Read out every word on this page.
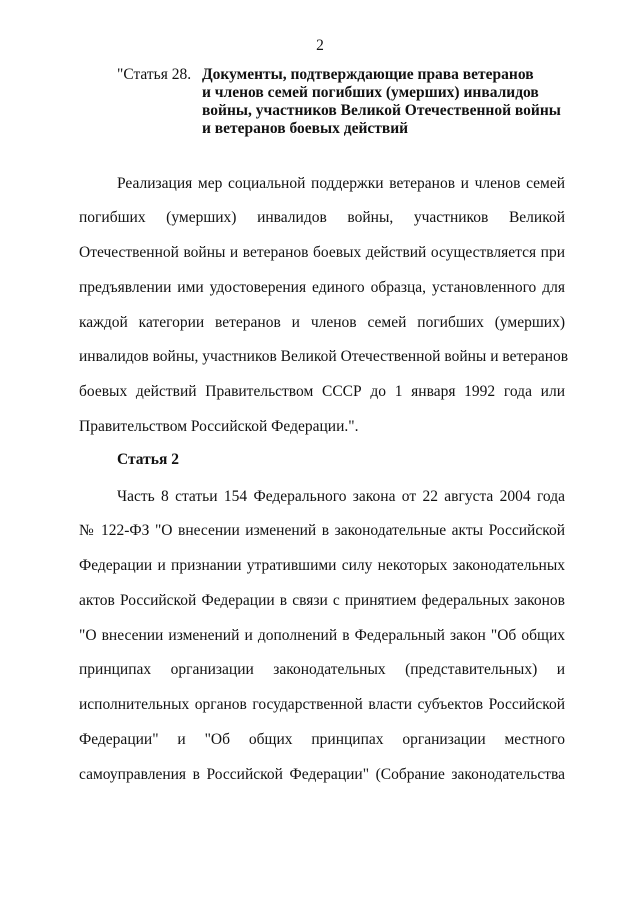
2
"Статья 28. Документы, подтверждающие права ветеранов
и членов семей погибших (умерших) инвалидов
войны, участников Великой Отечественной войны
и ветеранов боевых действий
Реализация мер социальной поддержки ветеранов и членов семей
погибших (умерших) инвалидов войны, участников Великой
Отечественной войны и ветеранов боевых действий осуществляется при
предъявлении ими удостоверения единого образца, установленного для
каждой категории ветеранов и членов семей погибших (умерших)
инвалидов войны, участников Великой Отечественной войны и ветеранов
боевых действий Правительством СССР до 1 января 1992 года или
Правительством Российской Федерации.".
Статья 2
Часть 8 статьи 154 Федерального закона от 22 августа 2004 года
№ 122-ФЗ "О внесении изменений в законодательные акты Российской
Федерации и признании утратившими силу некоторых законодательных
актов Российской Федерации в связи с принятием федеральных законов
"О внесении изменений и дополнений в Федеральный закон "Об общих
принципах организации законодательных (представительных) и
исполнительных органов государственной власти субъектов Российской
Федерации" и "Об общих принципах организации местного
самоуправления в Российской Федерации" (Собрание законодательства
